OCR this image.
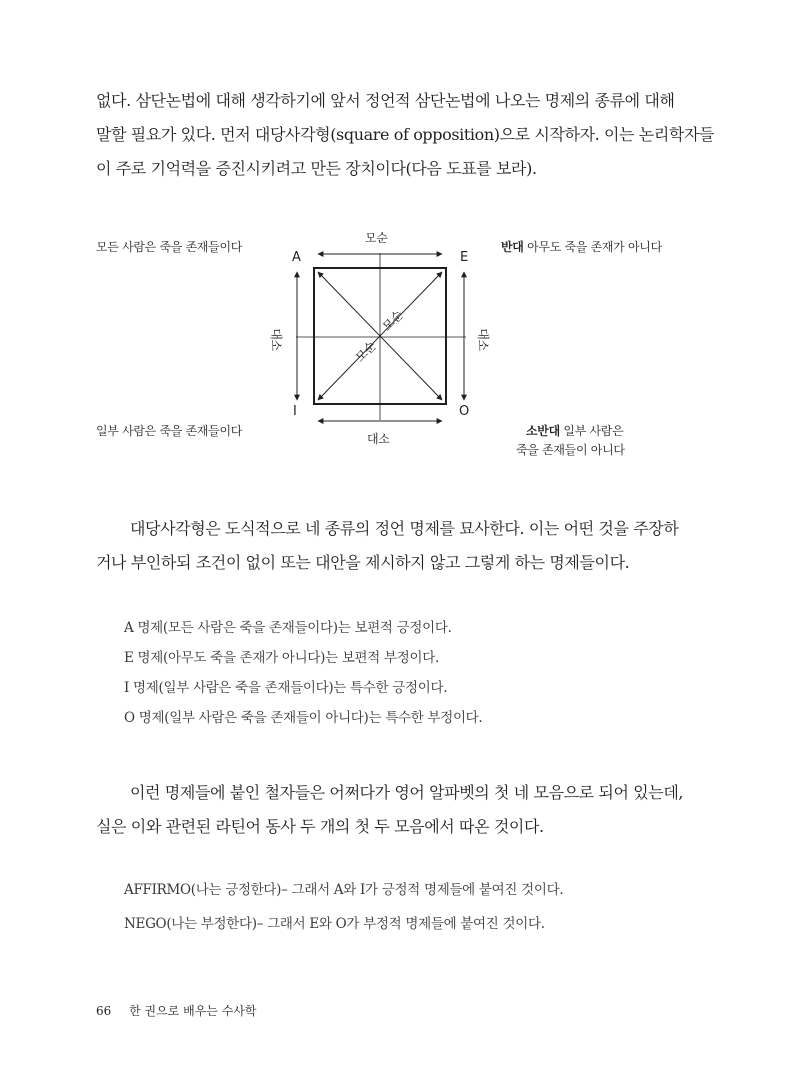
없다. 삼단논법에 대해 생각하기에 앞서 정언적 삼단논법에 나오는 명제의 종류에 대해
말할 필요가 있다. 먼저 대당사각형(square of opposition)으로 시작하자. 이는 논리학자들
이 주로 기억력을 증진시키려고 만든 장치이다(다음 도표를 보라).
A	E
I	O
모순
대소
대소	대소
모순
모순
모든 사람은 죽을 존재들이다	반대 아무도 죽을 존재가 아니다
일부 사람은 죽을 존재들이다	소반대 일부 사람은
죽을 존재들이 아니다
대당사각형은 도식적으로 네 종류의 정언 명제를 묘사한다. 이는 어떤 것을 주장하
거나 부인하되 조건이 없이 또는 대안을 제시하지 않고 그렇게 하는 명제들이다.
A 명제(모든 사람은 죽을 존재들이다)는 보편적 긍정이다.
E 명제(아무도 죽을 존재가 아니다)는 보편적 부정이다.
I 명제(일부 사람은 죽을 존재들이다)는 특수한 긍정이다.
O 명제(일부 사람은 죽을 존재들이 아니다)는 특수한 부정이다.
이런 명제들에 붙인 철자들은 어쩌다가 영어 알파벳의 첫 네 모음으로 되어 있는데,
실은 이와 관련된 라틴어 동사 두 개의 첫 두 모음에서 따온 것이다.
AFFIRMO(나는 긍정한다)– 그래서 A와 I가 긍정적 명제들에 붙여진 것이다.
NEGO(나는 부정한다)– 그래서 E와 O가 부정적 명제들에 붙여진 것이다.
66 한 권으로 배우는 수사학
